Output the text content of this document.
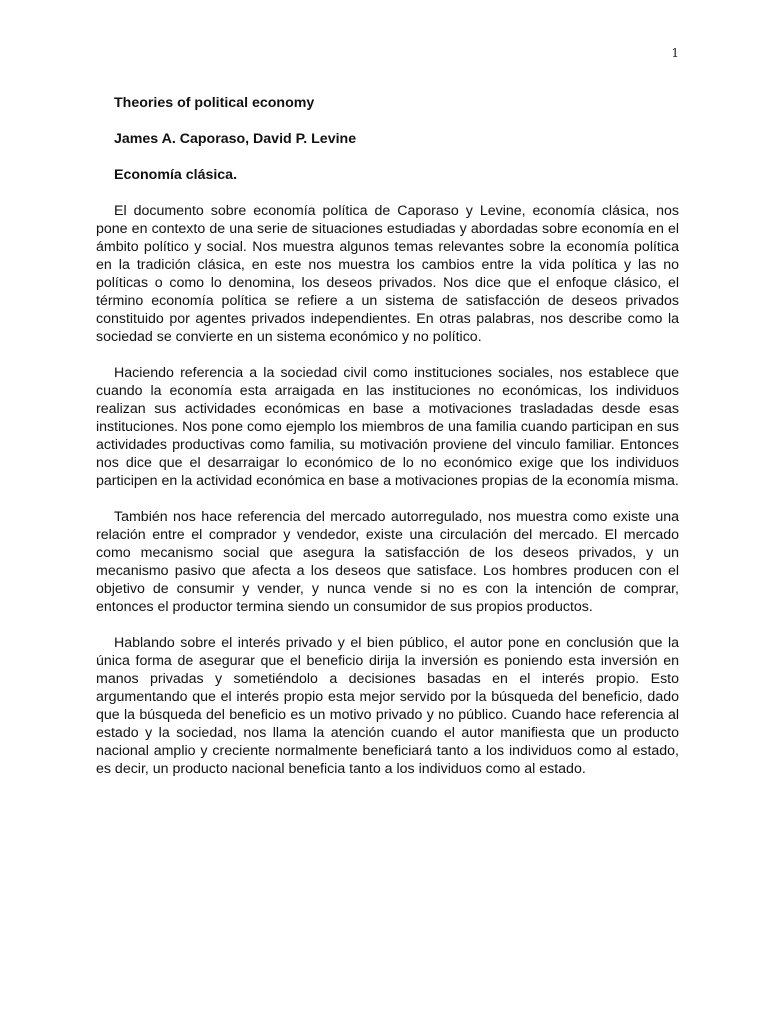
1
Theories of political economy
James A. Caporaso, David P. Levine
Economía clásica.

El documento sobre economía política de Caporaso y Levine, economía clásica, nos pone en contexto de una serie de situaciones estudiadas y abordadas sobre economía en el ámbito político y social. Nos muestra algunos temas relevantes sobre la economía política en la tradición clásica, en este nos muestra los cambios entre la vida política y las no políticas o como lo denomina, los deseos privados. Nos dice que el enfoque clásico, el término economía política se refiere a un sistema de satisfacción de deseos privados constituido por agentes privados independientes. En otras palabras, nos describe como la sociedad se convierte en un sistema económico y no político.

Haciendo referencia a la sociedad civil como instituciones sociales, nos establece que cuando la economía esta arraigada en las instituciones no económicas, los individuos realizan sus actividades económicas en base a motivaciones trasladadas desde esas instituciones. Nos pone como ejemplo los miembros de una familia cuando participan en sus actividades productivas como familia, su motivación proviene del vinculo familiar. Entonces nos dice que el desarraigar lo económico de lo no económico exige que los individuos participen en la actividad económica en base a motivaciones propias de la economía misma.

También nos hace referencia del mercado autorregulado, nos muestra como existe una relación entre el comprador y vendedor, existe una circulación del mercado. El mercado como mecanismo social que asegura la satisfacción de los deseos privados, y un mecanismo pasivo que afecta a los deseos que satisface. Los hombres producen con el objetivo de consumir y vender, y nunca vende si no es con la intención de comprar, entonces el productor termina siendo un consumidor de sus propios productos.

Hablando sobre el interés privado y el bien público, el autor pone en conclusión que la única forma de asegurar que el beneficio dirija la inversión es poniendo esta inversión en manos privadas y sometiéndolo a decisiones basadas en el interés propio. Esto argumentando que el interés propio esta mejor servido por la búsqueda del beneficio, dado que la búsqueda del beneficio es un motivo privado y no público. Cuando hace referencia al estado y la sociedad, nos llama la atención cuando el autor manifiesta que un producto nacional amplio y creciente normalmente beneficiará tanto a los individuos como al estado, es decir, un producto nacional beneficia tanto a los individuos como al estado.
